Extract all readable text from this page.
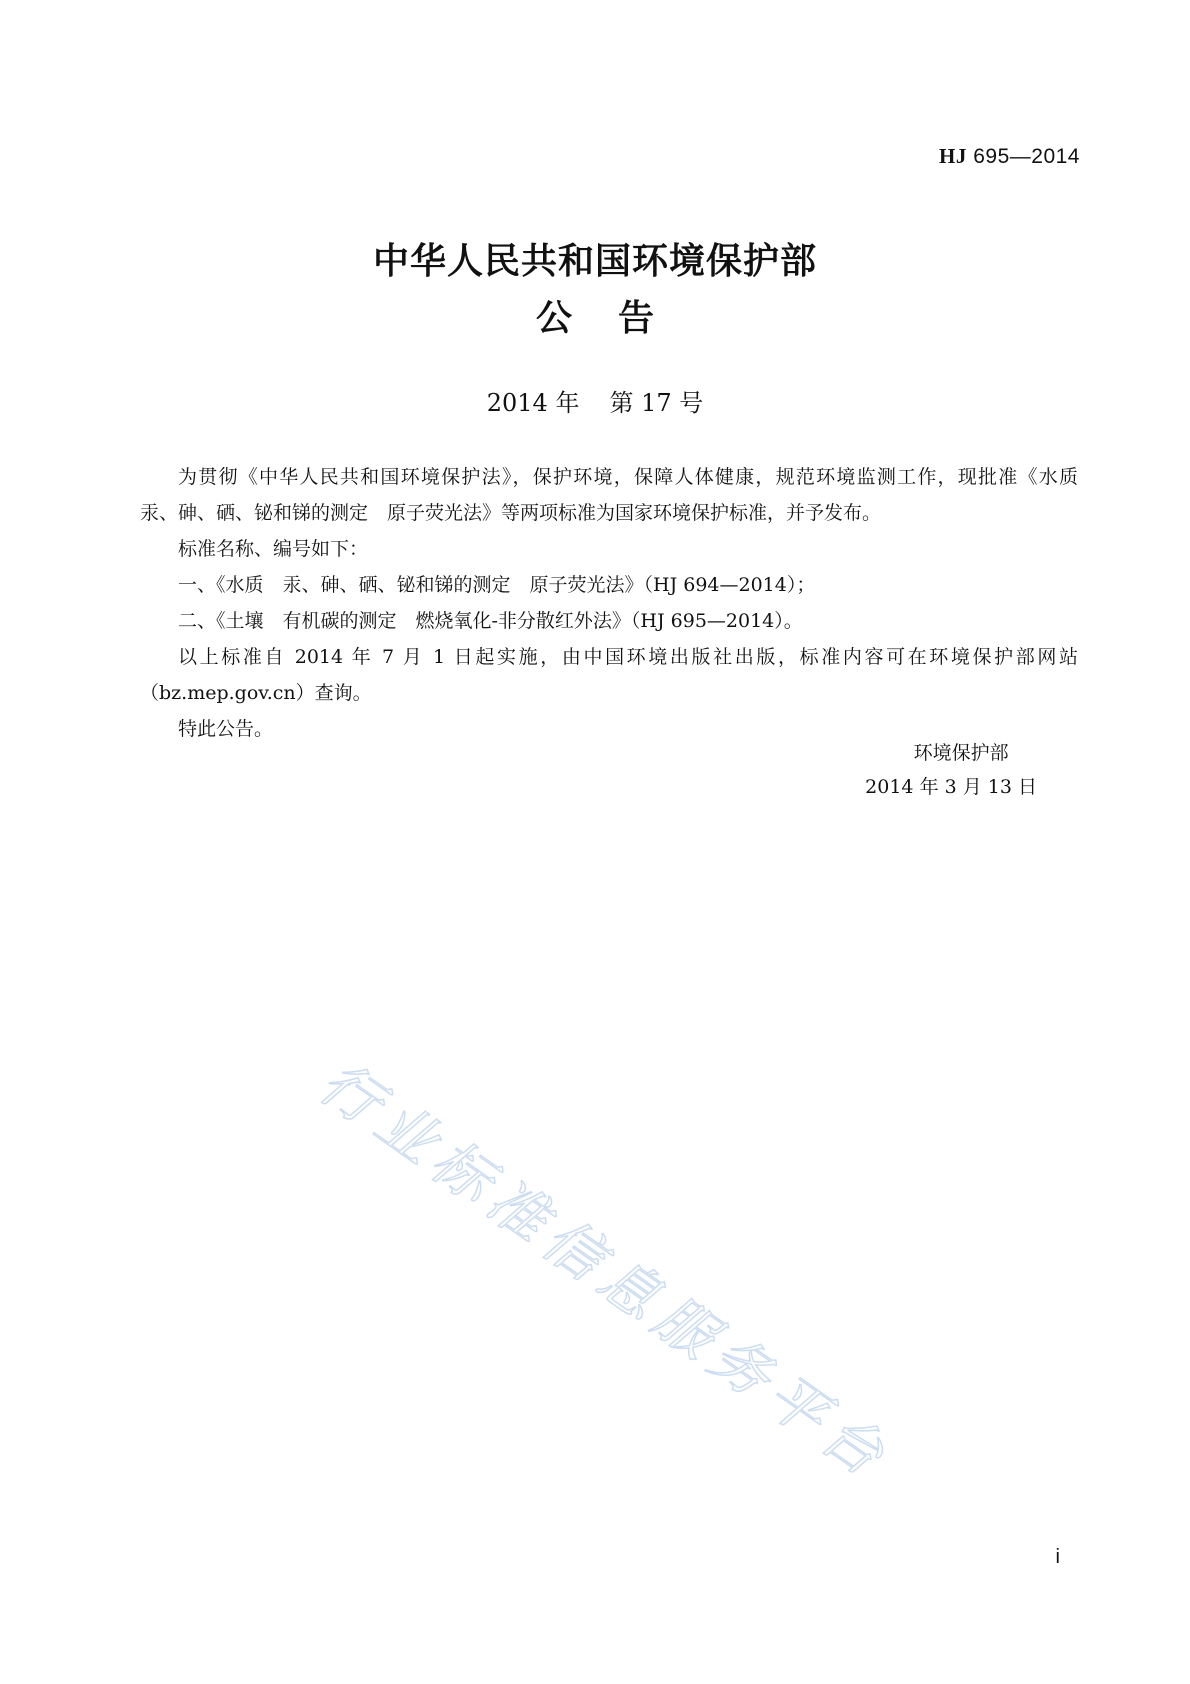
HJ 695—2014
中华人民共和国环境保护部
公 告
2014 年 第 17 号

为贯彻《中华人民共和国环境保护法》，保护环境，保障人体健康，规范环境监测工作，现批准《水质　汞、砷、硒、铋和锑的测定　原子荧光法》等两项标准为国家环境保护标准，并予发布。

标准名称、编号如下：

一、《水质　汞、砷、硒、铋和锑的测定　原子荧光法》（HJ 694—2014）；

二、《土壤　有机碳的测定　燃烧氧化-非分散红外法》（HJ 695—2014）。

以上标准自 2014 年 7 月 1 日起实施，由中国环境出版社出版，标准内容可在环境保护部网站（bz.mep.gov.cn）查询。

特此公告。

环境保护部
2014 年 3 月 13 日
行业标准信息服务平台
i
